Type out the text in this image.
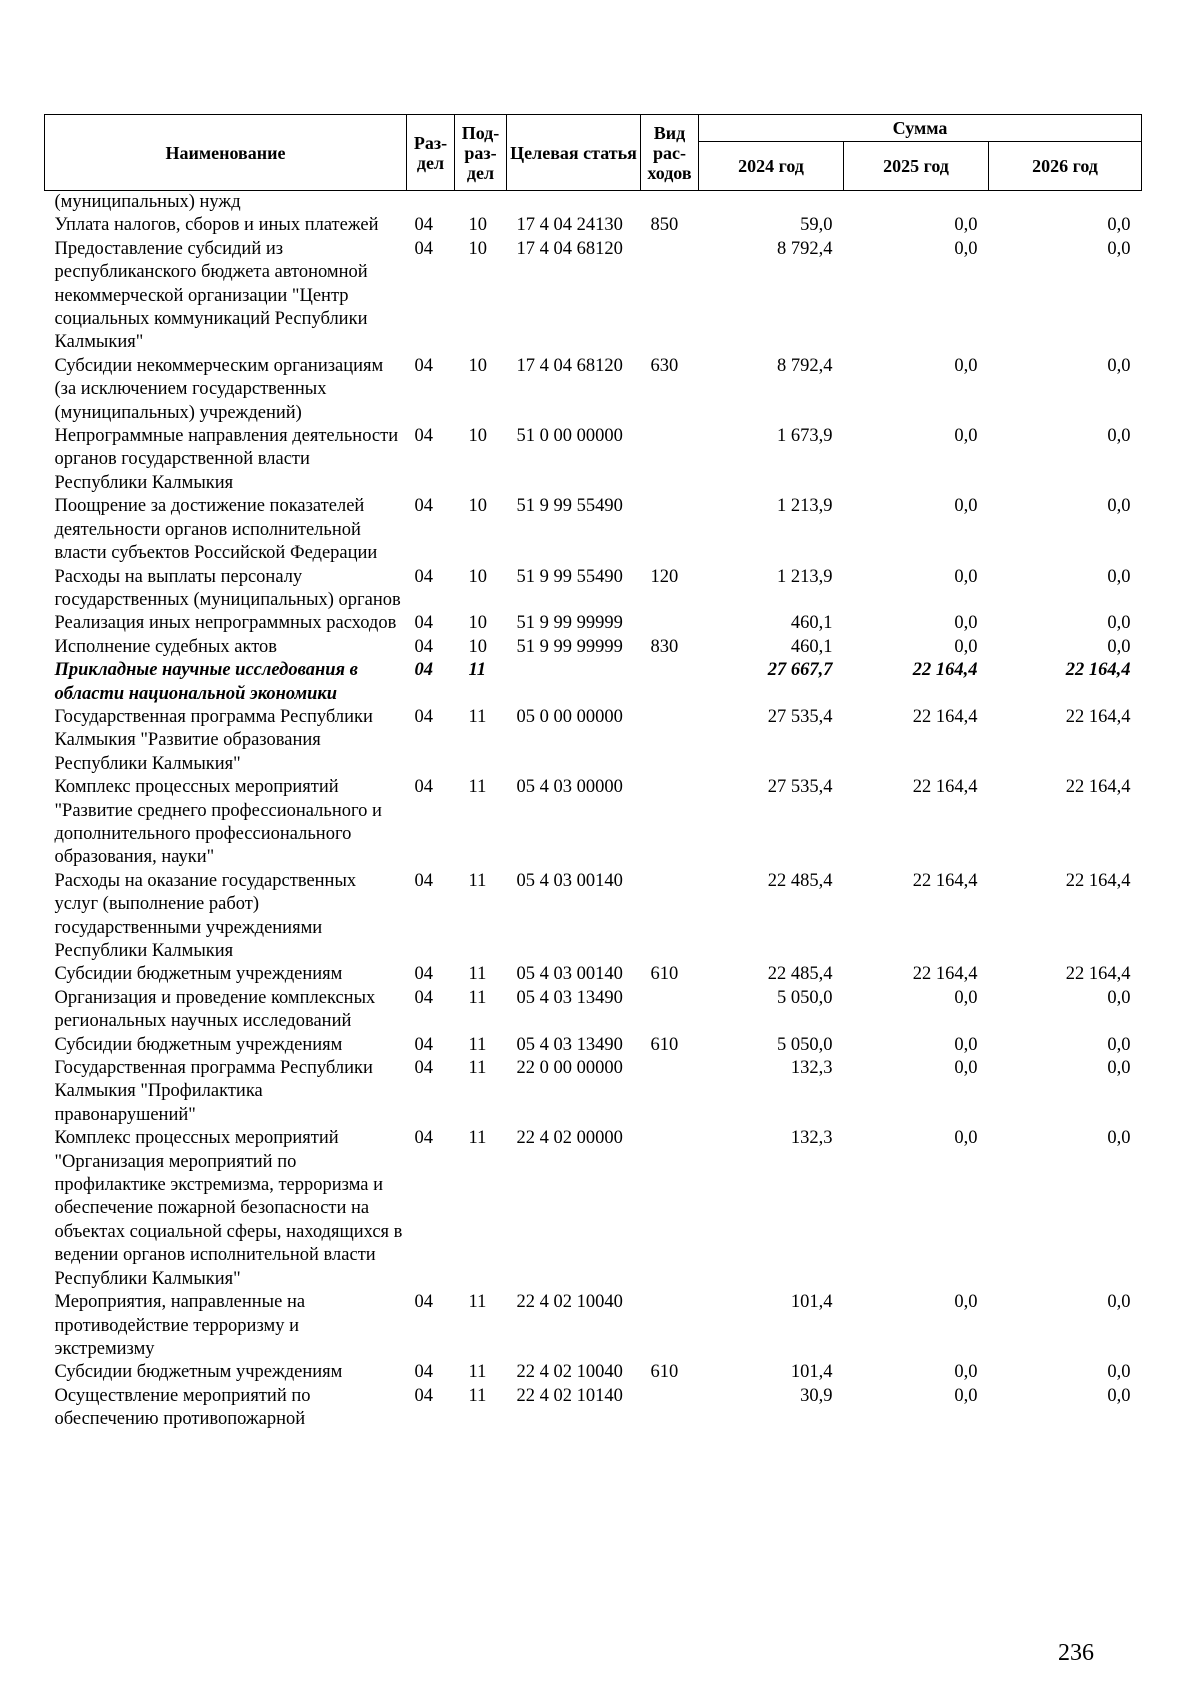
Наименование	Раз-дел	Под-раз-дел	Целевая статья	Вид рас-ходов	Сумма		
					2024 год	2025 год	2026 год
(муниципальных) нужд							
Уплата налогов, сборов и иных платежей	04	10	17 4 04 24130	850	59,0	0,0	0,0
Предоставление субсидий из республиканского бюджета автономной некоммерческой организации "Центр социальных коммуникаций Республики Калмыкия"	04	10	17 4 04 68120		8 792,4	0,0	0,0
Субсидии некоммерческим организациям (за исключением государственных (муниципальных) учреждений)	04	10	17 4 04 68120	630	8 792,4	0,0	0,0
Непрограммные направления деятельности органов государственной власти Республики Калмыкия	04	10	51 0 00 00000		1 673,9	0,0	0,0
Поощрение за достижение показателей деятельности органов исполнительной власти субъектов Российской Федерации	04	10	51 9 99 55490		1 213,9	0,0	0,0
Расходы на выплаты персоналу государственных (муниципальных) органов	04	10	51 9 99 55490	120	1 213,9	0,0	0,0
Реализация иных непрограммных расходов	04	10	51 9 99 99999		460,1	0,0	0,0
Исполнение судебных актов	04	10	51 9 99 99999	830	460,1	0,0	0,0
Прикладные научные исследования в области национальной экономики	04	11			27 667,7	22 164,4	22 164,4
Государственная программа Республики Калмыкия "Развитие образования Республики Калмыкия"	04	11	05 0 00 00000		27 535,4	22 164,4	22 164,4
Комплекс процессных мероприятий "Развитие среднего профессионального и дополнительного профессионального образования, науки"	04	11	05 4 03 00000		27 535,4	22 164,4	22 164,4
Расходы на оказание государственных услуг (выполнение работ) государственными учреждениями Республики Калмыкия	04	11	05 4 03 00140		22 485,4	22 164,4	22 164,4
Субсидии бюджетным учреждениям	04	11	05 4 03 00140	610	22 485,4	22 164,4	22 164,4
Организация и проведение комплексных региональных научных исследований	04	11	05 4 03 13490		5 050,0	0,0	0,0
Субсидии бюджетным учреждениям	04	11	05 4 03 13490	610	5 050,0	0,0	0,0
Государственная программа Республики Калмыкия "Профилактика правонарушений"	04	11	22 0 00 00000		132,3	0,0	0,0
Комплекс процессных мероприятий "Организация мероприятий по профилактике экстремизма, терроризма и обеспечение пожарной безопасности на объектах социальной сферы, находящихся в ведении органов исполнительной власти Республики Калмыкия"	04	11	22 4 02 00000		132,3	0,0	0,0
Мероприятия, направленные на противодействие терроризму и экстремизму	04	11	22 4 02 10040		101,4	0,0	0,0
Субсидии бюджетным учреждениям	04	11	22 4 02 10040	610	101,4	0,0	0,0
Осуществление мероприятий по обеспечению противопожарной	04	11	22 4 02 10140		30,9	0,0	0,0
236
